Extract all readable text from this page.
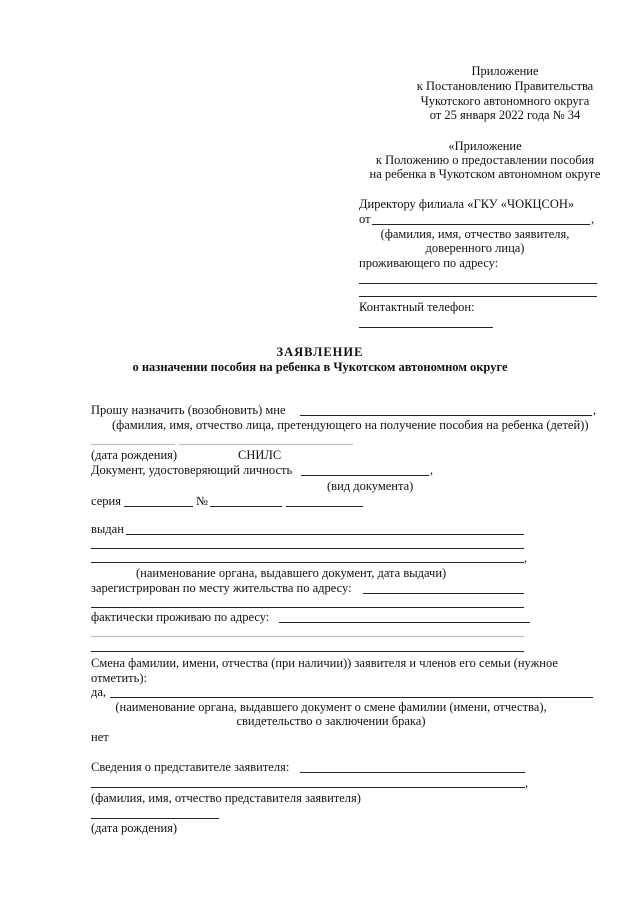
Приложение
к Постановлению Правительства
Чукотского автономного округа
от 25 января 2022 года № 34
«Приложение
к Положению о предоставлении пособия
на ребенка в Чукотском автономном округе
Директору филиала «ГКУ «ЧОКЦСОН»
от	,
(фамилия, имя, отчество заявителя,
доверенного лица)
проживающего по адресу:
Контактный телефон:
ЗАЯВЛЕНИЕ
о назначении пособия на ребенка в Чукотском автономном округе
Прошу назначить (возобновить) мне	,
(фамилия, имя, отчество лица, претендующего на получение пособия на ребенка (детей))
(дата рождения)	СНИЛС
Документ, удостоверяющий личность	,
(вид документа)
серия	№
выдан
,
(наименование органа, выдавшего документ, дата выдачи)
зарегистрирован по месту жительства по адресу:
фактически проживаю по адресу:
Смена фамилии, имени, отчества (при наличии)) заявителя и членов его семьи (нужное
отметить):
да,
(наименование органа, выдавшего документ о смене фамилии (имени, отчества),
свидетельство о заключении брака)
нет
Сведения о представителе заявителя:
,
(фамилия, имя, отчество представителя заявителя)
(дата рождения)
